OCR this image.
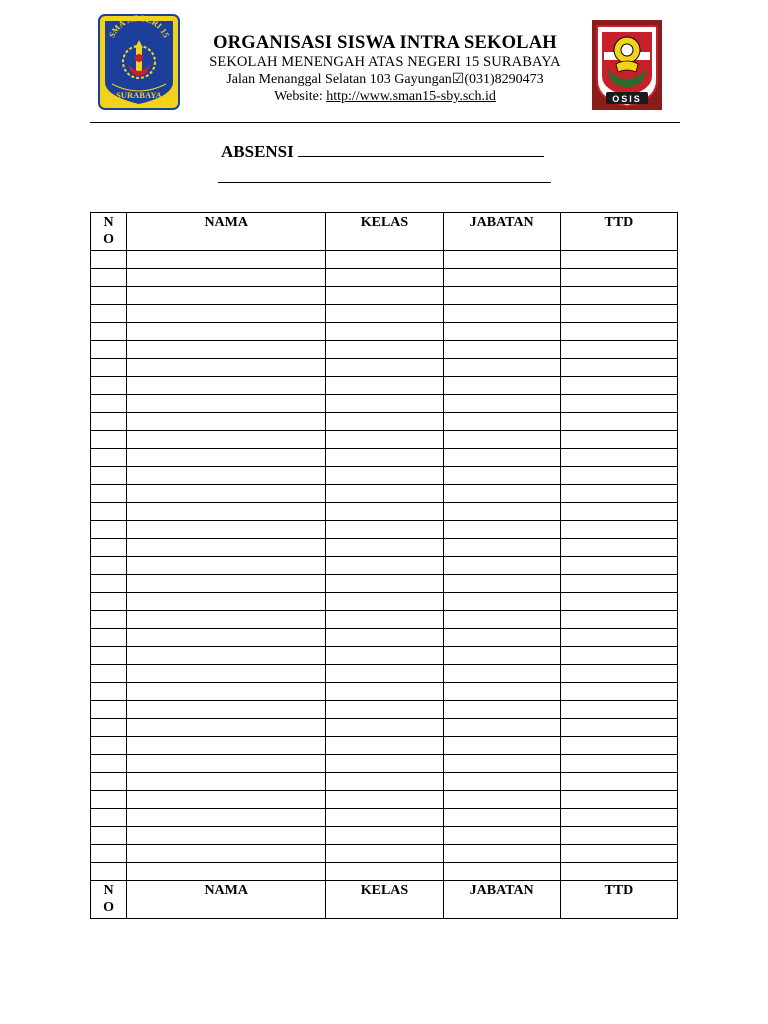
SMA NEGERI 15
SURABAYA
ORGANISASI SISWA INTRA SEKOLAH
SEKOLAH MENENGAH ATAS NEGERI 15 SURABAYA
Jalan Menanggal Selatan 103 Gayungan☑(031)8290473
Website: http://www.sman15-sby.sch.id	OSIS
ABSENSI
N
O	NAMA	KELAS	JABATAN	TTD

N
O	NAMA	KELAS	JABATAN	TTD
